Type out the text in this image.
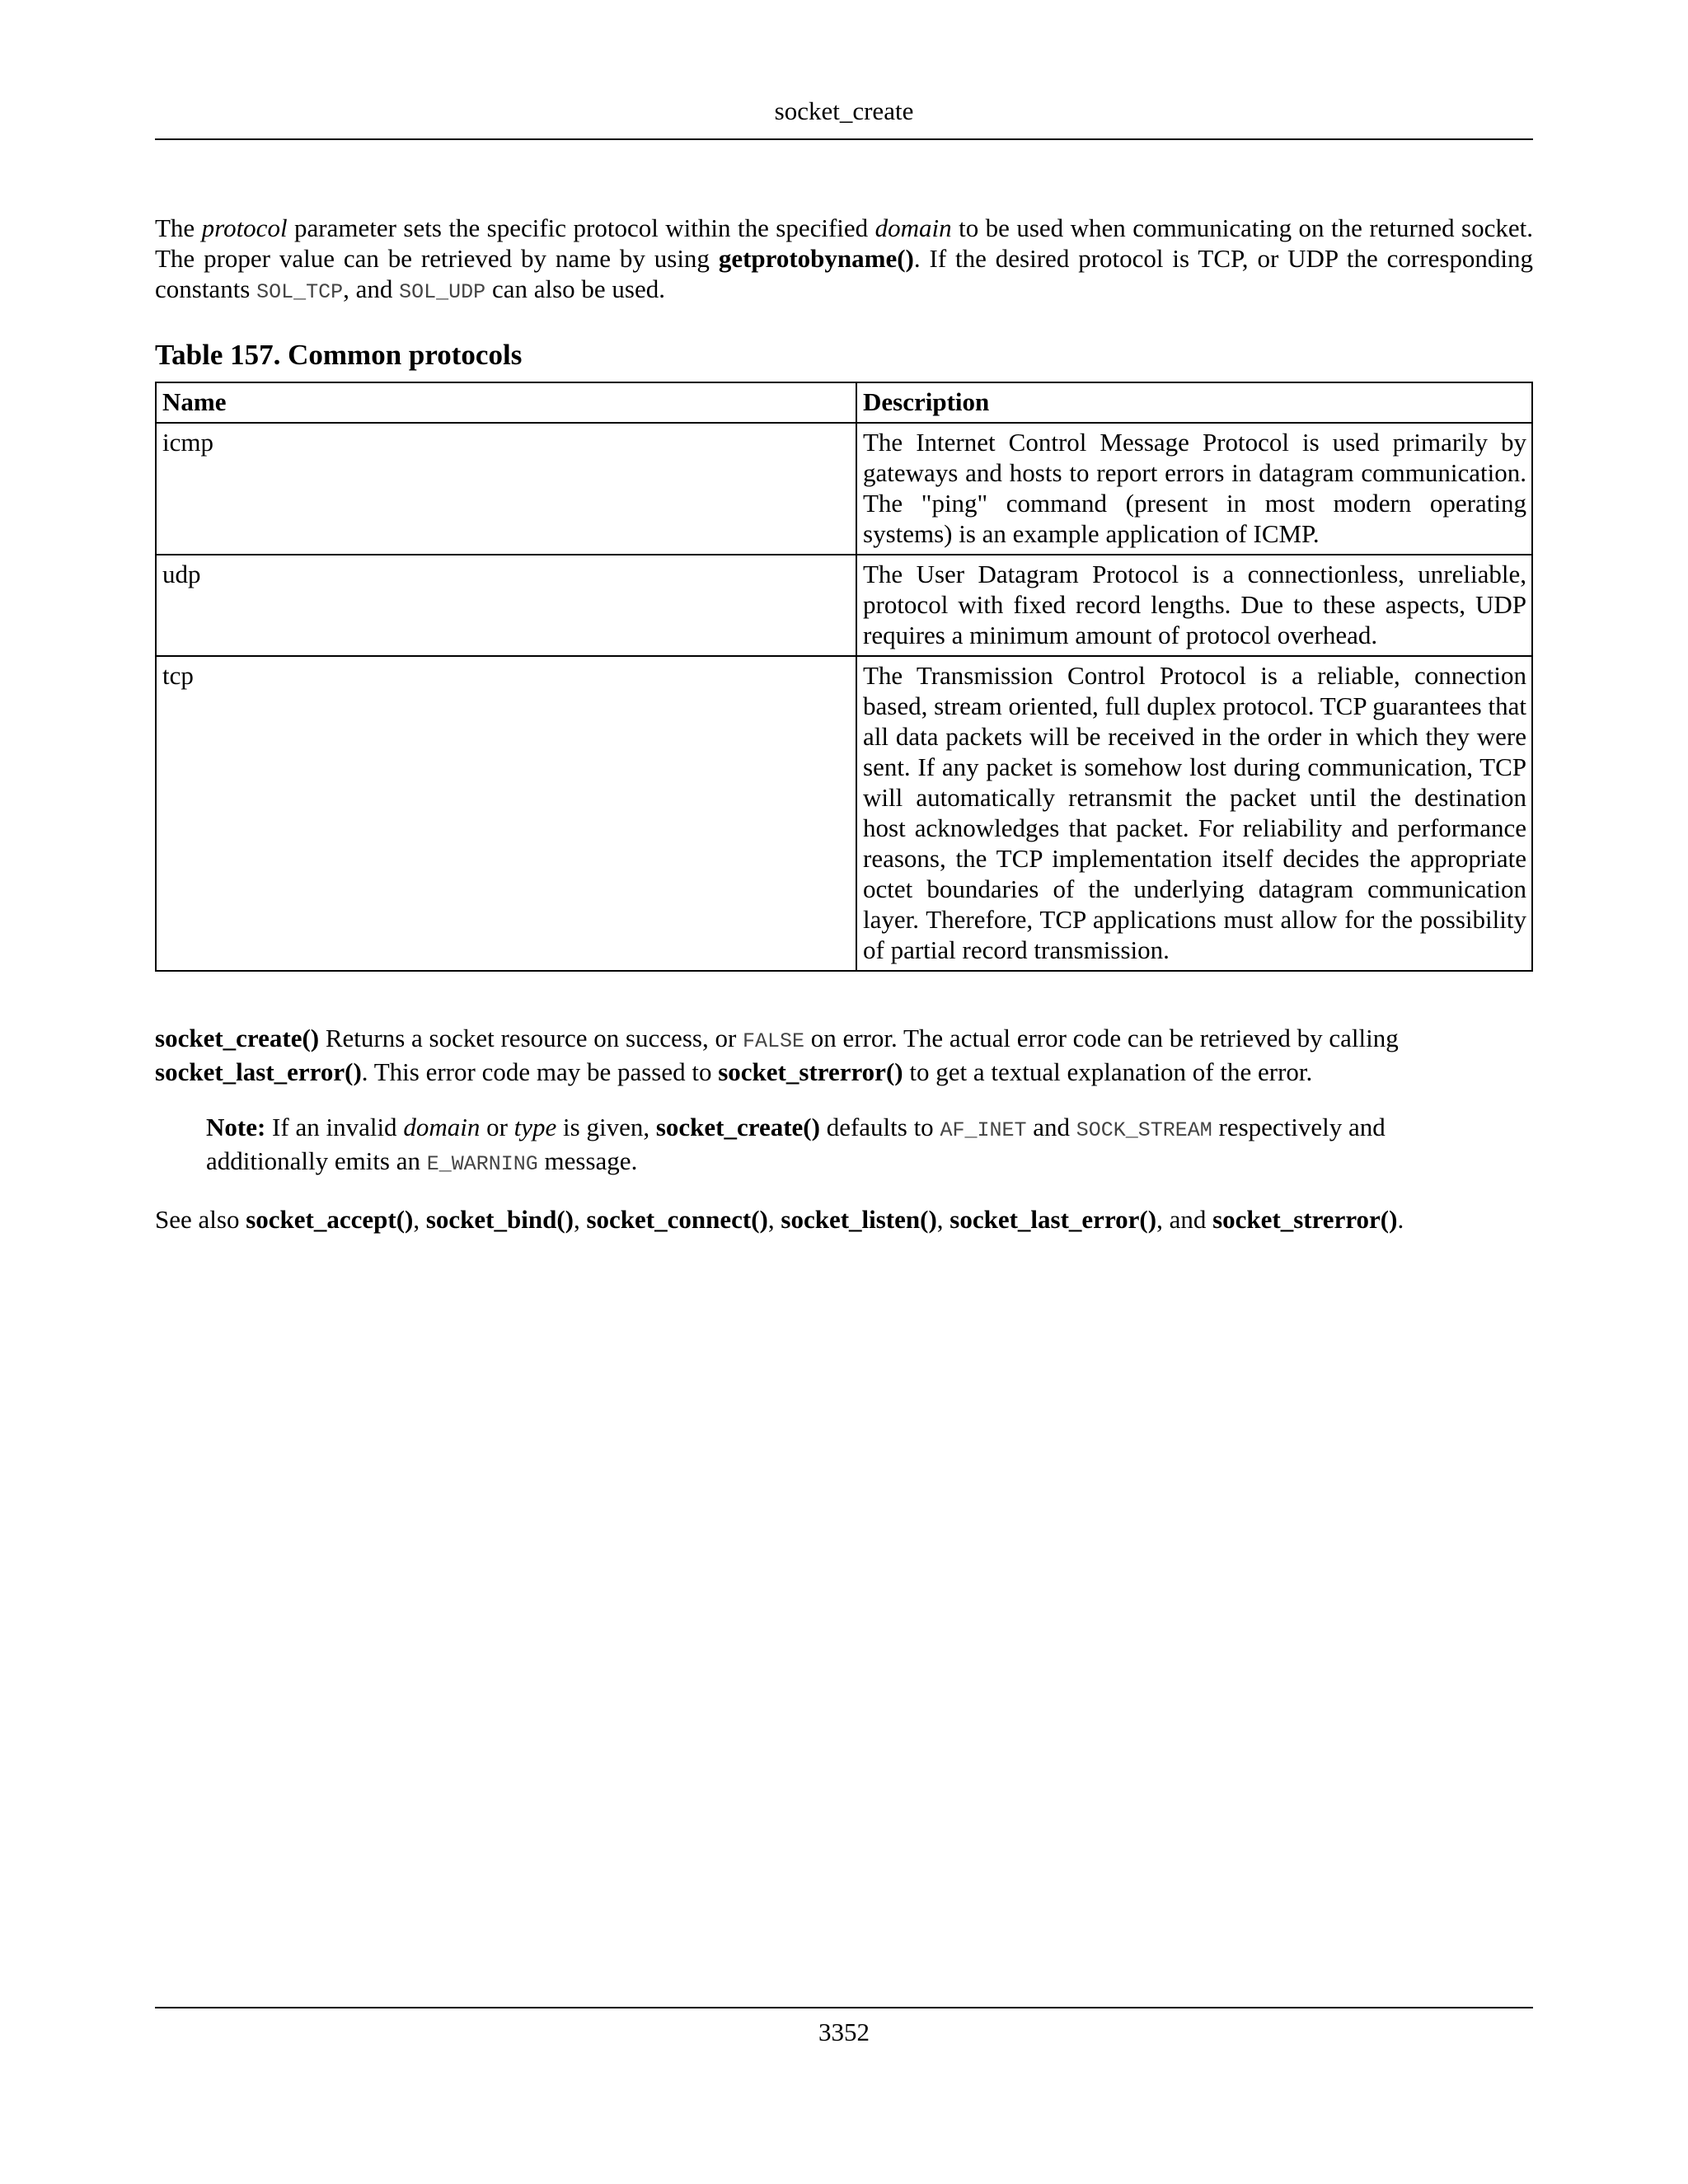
socket_create

The protocol parameter sets the specific protocol within the specified domain to be used when communicating on the returned socket. The proper value can be retrieved by name by using getprotobyname(). If the desired protocol is TCP, or UDP the corresponding constants SOL_TCP, and SOL_UDP can also be used.

Table 157. Common protocols
Name	Description
icmp	The Internet Control Message Protocol is used primarily by gateways and hosts to report errors in datagram communication. The "ping" command (present in most modern operating systems) is an example application of ICMP.
udp	The User Datagram Protocol is a connectionless, unreliable, protocol with fixed record lengths. Due to these aspects, UDP requires a minimum amount of protocol overhead.
tcp	The Transmission Control Protocol is a reliable, connection based, stream oriented, full duplex protocol. TCP guarantees that all data packets will be received in the order in which they were sent. If any packet is somehow lost during communication, TCP will automatically retransmit the packet until the destination host acknowledges that packet. For reliability and performance reasons, the TCP implementation itself decides the appropriate octet boundaries of the underlying datagram communication layer. Therefore, TCP applications must allow for the possibility of partial record transmission.

socket_create() Returns a socket resource on success, or FALSE on error. The actual error code can be retrieved by calling socket_last_error(). This error code may be passed to socket_strerror() to get a textual explanation of the error.

Note: If an invalid domain or type is given, socket_create() defaults to AF_INET and SOCK_STREAM respectively and additionally emits an E_WARNING message.

See also socket_accept(), socket_bind(), socket_connect(), socket_listen(), socket_last_error(), and socket_strerror().

3352
